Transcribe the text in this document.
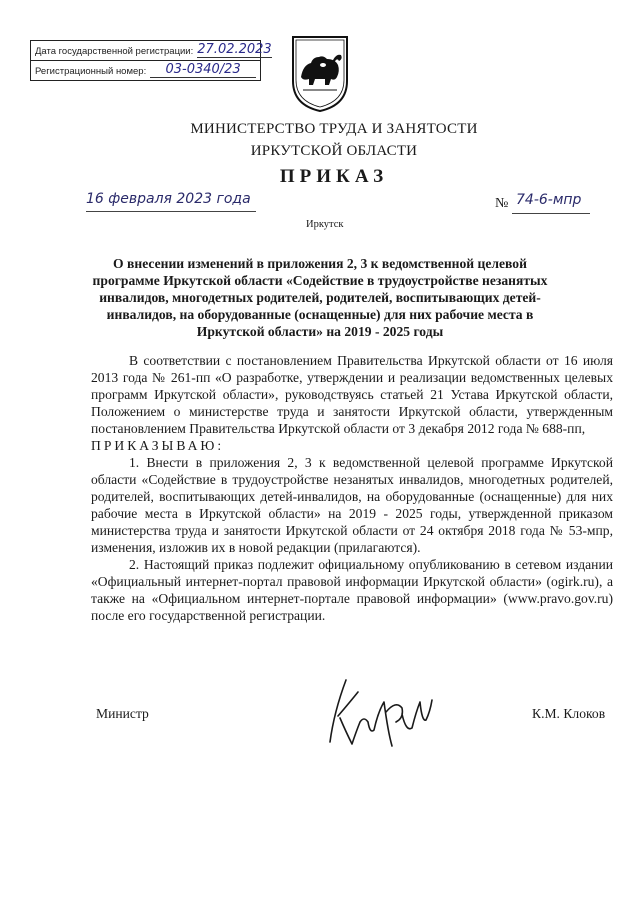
Дата государственной регистрации: 27.02.2023
Регистрационный номер:	03-0340/23
МИНИСТЕРСТВО ТРУДА И ЗАНЯТОСТИ
ИРКУТСКОЙ ОБЛАСТИ
ПРИКАЗ
16 февраля 2023 года	№ 74-6-мпр
Иркутск
О внесении изменений в приложения 2, 3 к ведомственной целевой программе Иркутской области «Содействие в трудоустройстве незанятых инвалидов, многодетных родителей, родителей, воспитывающих детей-инвалидов, на оборудованные (оснащенные) для них рабочие места в Иркутской области» на 2019 - 2025 годы

В соответствии с постановлением Правительства Иркутской области от 16 июля 2013 года № 261-пп «О разработке, утверждении и реализации ведомственных целевых программ Иркутской области», руководствуясь статьей 21 Устава Иркутской области, Положением о министерстве труда и занятости Иркутской области, утвержденным постановлением Правительства Иркутской области от 3 декабря 2012 года № 688-пп,

ПРИКАЗЫВАЮ:

1. Внести в приложения 2, 3 к ведомственной целевой программе Иркутской области «Содействие в трудоустройстве незанятых инвалидов, многодетных родителей, родителей, воспитывающих детей-инвалидов, на оборудованные (оснащенные) для них рабочие места в Иркутской области» на 2019 - 2025 годы, утвержденной приказом министерства труда и занятости Иркутской области от 24 октября 2018 года № 53-мпр, изменения, изложив их в новой редакции (прилагаются).

2. Настоящий приказ подлежит официальному опубликованию в сетевом издании «Официальный интернет-портал правовой информации Иркутской области» (ogirk.ru), а также на «Официальном интернет-портале правовой информации» (www.pravo.gov.ru) после его государственной регистрации.

Министр	К.М. Клоков
